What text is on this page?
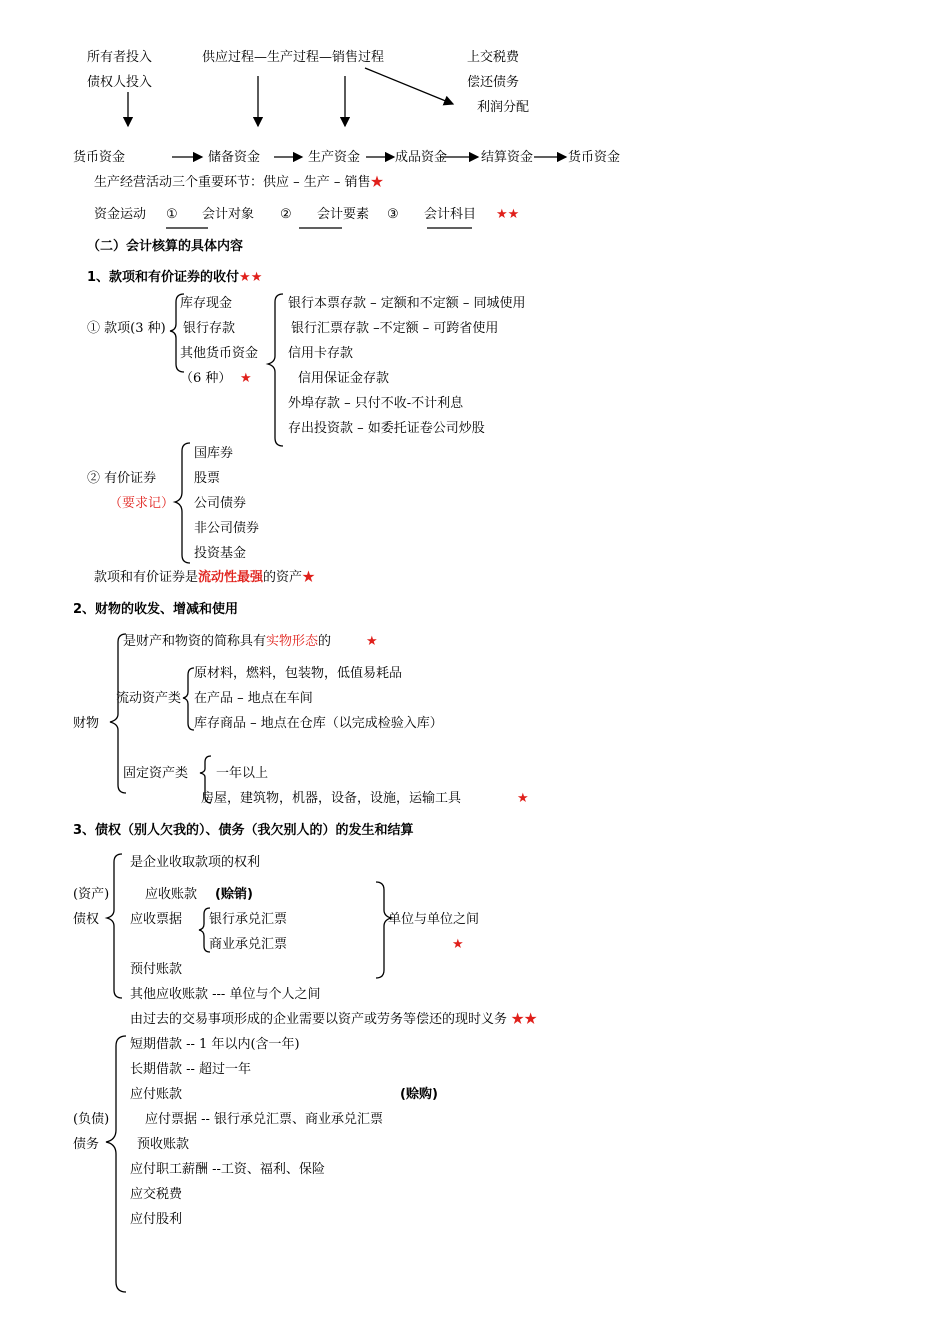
所有者投入
债权人投入
供应过程—生产过程—销售过程	上交税费
偿还债务
利润分配
货币资金	储备资金	生产资金	成品资金	结算资金	货币资金
生产经营活动三个重要环节：供应 – 生产 – 销售★
资金运动 ① 会计对象 ② 会计要素 ③ 会计科目 ★★
（二）会计核算的具体内容
1、款项和有价证券的收付★★
① 款项(3 种)
库存现金
银行存款
其他货币资金
（6 种） ★
银行本票存款 – 定额和不定额 – 同城使用
银行汇票存款 –不定额 – 可跨省使用
信用卡存款
信用保证金存款
外埠存款 – 只付不收-不计利息
存出投资款 – 如委托证卷公司炒股
② 有价证券
（要求记）
国库券
股票
公司债券
非公司债券
投资基金
款项和有价证券是流动性最强的资产★
2、财物的收发、增减和使用
是财产和物资的简称具有实物形态的	★
财物
流动资产类
原材料，燃料，包装物，低值易耗品
在产品 – 地点在车间
库存商品 – 地点在仓库（以完成检验入库）
固定资产类 一年以上
房屋，建筑物，机器，设备，设施，运输工具	★
3、债权（别人欠我的）、债务（我欠别人的）的发生和结算
是企业收取款项的权利
(资产)
债权
应收账款 (赊销)
应收票据 银行承兑汇票
商业承兑汇票
单位与单位之间
★
预付账款
其他应收账款 --- 单位与个人之间
由过去的交易事项形成的企业需要以资产或劳务等偿还的现时义务 ★★
(负债)
债务
短期借款 -- 1 年以内(含一年)
长期借款 -- 超过一年
应付账款	(赊购)
应付票据 -- 银行承兑汇票、商业承兑汇票
预收账款
应付职工薪酬 --工资、福利、保险
应交税费
应付股利
